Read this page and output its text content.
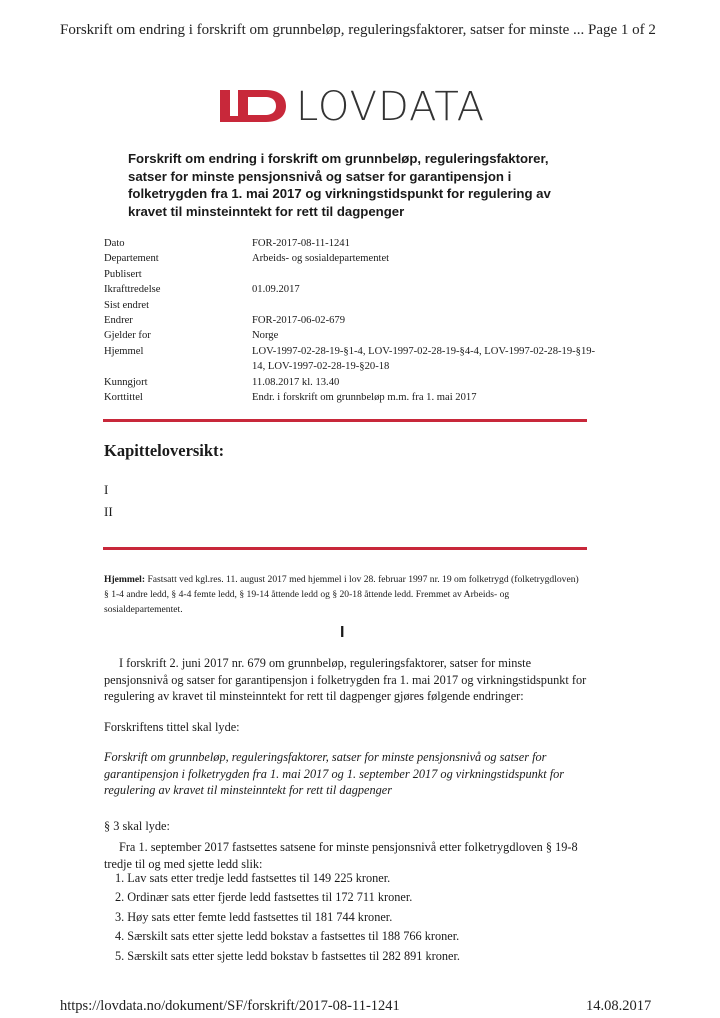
Forskrift om endring i forskrift om grunnbeløp, reguleringsfaktorer, satser for minste ... Page 1 of 2
LOVDATA
Forskrift om endring i forskrift om grunnbeløp, reguleringsfaktorer, satser for minste pensjonsnivå og satser for garantipensjon i folketrygden fra 1. mai 2017 og virkningstidspunkt for regulering av kravet til minsteinntekt for rett til dagpenger
Dato	FOR-2017-08-11-1241
Departement	Arbeids- og sosialdepartementet
Publisert
Ikrafttredelse	01.09.2017
Sist endret
Endrer	FOR-2017-06-02-679
Gjelder for	Norge
Hjemmel	LOV-1997-02-28-19-§1-4, LOV-1997-02-28-19-§4-4, LOV-1997-02-28-19-§19-14, LOV-1997-02-28-19-§20-18
Kunngjort	11.08.2017 kl. 13.40
Korttittel	Endr. i forskrift om grunnbeløp m.m. fra 1. mai 2017
Kapitteloversikt:
I
II
Hjemmel: Fastsatt ved kgl.res. 11. august 2017 med hjemmel i lov 28. februar 1997 nr. 19 om folketrygd (folketrygdloven) § 1-4 andre ledd, § 4-4 femte ledd, § 19-14 åttende ledd og § 20-18 åttende ledd. Fremmet av Arbeids- og sosialdepartementet.
I
I forskrift 2. juni 2017 nr. 679 om grunnbeløp, reguleringsfaktorer, satser for minste pensjonsnivå og satser for garantipensjon i folketrygden fra 1. mai 2017 og virkningstidspunkt for regulering av kravet til minsteinntekt for rett til dagpenger gjøres følgende endringer:
Forskriftens tittel skal lyde:
Forskrift om grunnbeløp, reguleringsfaktorer, satser for minste pensjonsnivå og satser for garantipensjon i folketrygden fra 1. mai 2017 og 1. september 2017 og virkningstidspunkt for regulering av kravet til minsteinntekt for rett til dagpenger
§ 3 skal lyde:
Fra 1. september 2017 fastsettes satsene for minste pensjonsnivå etter folketrygdloven § 19-8 tredje til og med sjette ledd slik:
1. Lav sats etter tredje ledd fastsettes til 149 225 kroner.
2. Ordinær sats etter fjerde ledd fastsettes til 172 711 kroner.
3. Høy sats etter femte ledd fastsettes til 181 744 kroner.
4. Særskilt sats etter sjette ledd bokstav a fastsettes til 188 766 kroner.
5. Særskilt sats etter sjette ledd bokstav b fastsettes til 282 891 kroner.
https://lovdata.no/dokument/SF/forskrift/2017-08-11-1241	14.08.2017
